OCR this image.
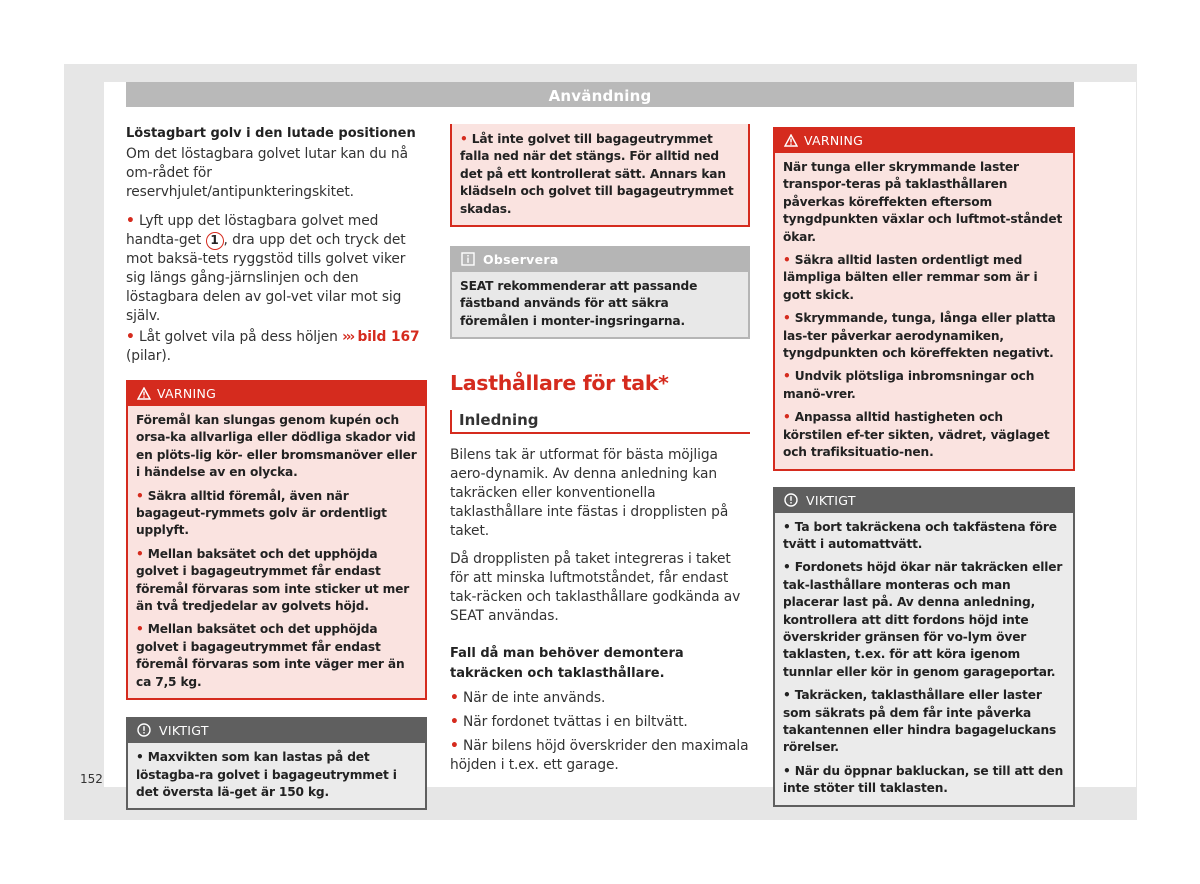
Användning
Löstagbart golv i den lutade positionen
Om det löstagbara golvet lutar kan du nå om-rådet för reservhjulet/antipunkteringskitet.
• Lyft upp det löstagbara golvet med handta-get 1 , dra upp det och tryck det mot baksä-tets ryggstöd tills golvet viker sig längs gång-järnslinjen och den löstagbara delen av gol-vet vilar mot sig själv.
• Låt golvet vila på dess höljen ››› bild 167 (pilar).
VARNING
Föremål kan slungas genom kupén och orsa-ka allvarliga eller dödliga skador vid en plöts-lig kör- eller bromsmanöver eller i händelse av en olycka.
• Säkra alltid föremål, även när bagageut-rymmets golv är ordentligt upplyft.
• Mellan baksätet och det upphöjda golvet i bagageutrymmet får endast föremål förvaras som inte sticker ut mer än två tredjedelar av golvets höjd.
• Mellan baksätet och det upphöjda golvet i bagageutrymmet får endast föremål förvaras som inte väger mer än ca 7,5 kg.
VIKTIGT
• Maxvikten som kan lastas på det löstagba-ra golvet i bagageutrymmet i det översta lä-get är 150 kg.
• Låt inte golvet till bagageutrymmet falla ned när det stängs. För alltid ned det på ett kontrollerat sätt. Annars kan klädseln och golvet till bagageutrymmet skadas.
Observera
SEAT rekommenderar att passande fästband används för att säkra föremålen i monter-ingsringarna.
Lasthållare för tak*
Inledning
Bilens tak är utformat för bästa möjliga aero-dynamik. Av denna anledning kan takräcken eller konventionella taklasthållare inte fästas i dropplisten på taket.
Då dropplisten på taket integreras i taket för att minska luftmotståndet, får endast tak-räcken och taklasthållare godkända av SEAT användas.
Fall då man behöver demontera takräcken och taklasthållare.
• När de inte används.
• När fordonet tvättas i en biltvätt.
• När bilens höjd överskrider den maximala höjden i t.ex. ett garage.
VARNING
När tunga eller skrymmande laster transpor-teras på taklasthållaren påverkas köreffekten eftersom tyngdpunkten växlar och luftmot-ståndet ökar.
• Säkra alltid lasten ordentligt med lämpliga bälten eller remmar som är i gott skick.
• Skrymmande, tunga, långa eller platta las-ter påverkar aerodynamiken, tyngdpunkten och köreffekten negativt.
• Undvik plötsliga inbromsningar och manö-vrer.
• Anpassa alltid hastigheten och körstilen ef-ter sikten, vädret, väglaget och trafiksituatio-nen.
VIKTIGT
• Ta bort takräckena och takfästena före tvätt i automattvätt.
• Fordonets höjd ökar när takräcken eller tak-lasthållare monteras och man placerar last på. Av denna anledning, kontrollera att ditt fordons höjd inte överskrider gränsen för vo-lym över taklasten, t.ex. för att köra igenom tunnlar eller kör in genom garageportar.
• Takräcken, taklasthållare eller laster som säkrats på dem får inte påverka takantennen eller hindra bagageluckans rörelser.
• När du öppnar bakluckan, se till att den inte stöter till taklasten.
152
